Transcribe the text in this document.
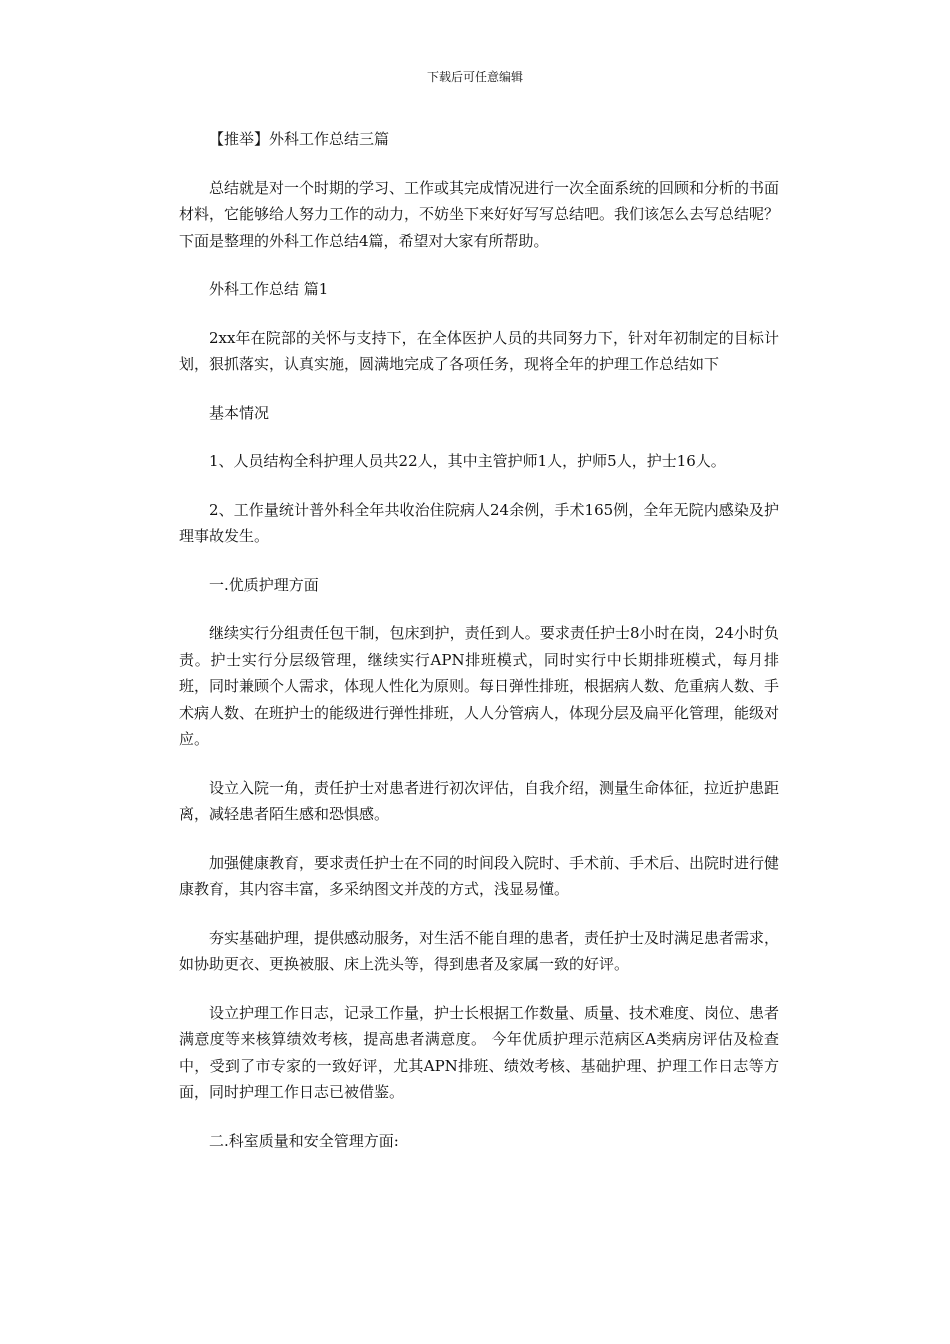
下载后可任意编辑

【推举】外科工作总结三篇

总结就是对一个时期的学习、工作或其完成情况进行一次全面系统的回顾和分析的书面材料，它能够给人努力工作的动力，不妨坐下来好好写写总结吧。我们该怎么去写总结呢？下面是整理的外科工作总结4篇，希望对大家有所帮助。

外科工作总结 篇1

2xx年在院部的关怀与支持下，在全体医护人员的共同努力下，针对年初制定的目标计划，狠抓落实，认真实施，圆满地完成了各项任务，现将全年的护理工作总结如下

基本情况

1、人员结构全科护理人员共22人，其中主管护师1人，护师5人，护士16人。

2、工作量统计普外科全年共收治住院病人24余例，手术165例，全年无院内感染及护理事故发生。

一.优质护理方面

继续实行分组责任包干制，包床到护，责任到人。要求责任护士8小时在岗，24小时负责。护士实行分层级管理，继续实行APN排班模式，同时实行中长期排班模式，每月排班，同时兼顾个人需求，体现人性化为原则。每日弹性排班，根据病人数、危重病人数、手术病人数、在班护士的能级进行弹性排班，人人分管病人，体现分层及扁平化管理，能级对应。

设立入院一角，责任护士对患者进行初次评估，自我介绍，测量生命体征，拉近护患距离，减轻患者陌生感和恐惧感。

加强健康教育，要求责任护士在不同的时间段入院时、手术前、手术后、出院时进行健康教育，其内容丰富，多采纳图文并茂的方式，浅显易懂。

夯实基础护理，提供感动服务，对生活不能自理的患者，责任护士及时满足患者需求，如协助更衣、更换被服、床上洗头等，得到患者及家属一致的好评。

设立护理工作日志，记录工作量，护士长根据工作数量、质量、技术难度、岗位、患者满意度等来核算绩效考核，提高患者满意度。 今年优质护理示范病区A类病房评估及检查中，受到了市专家的一致好评，尤其APN排班、绩效考核、基础护理、护理工作日志等方面，同时护理工作日志已被借鉴。

二.科室质量和安全管理方面:
